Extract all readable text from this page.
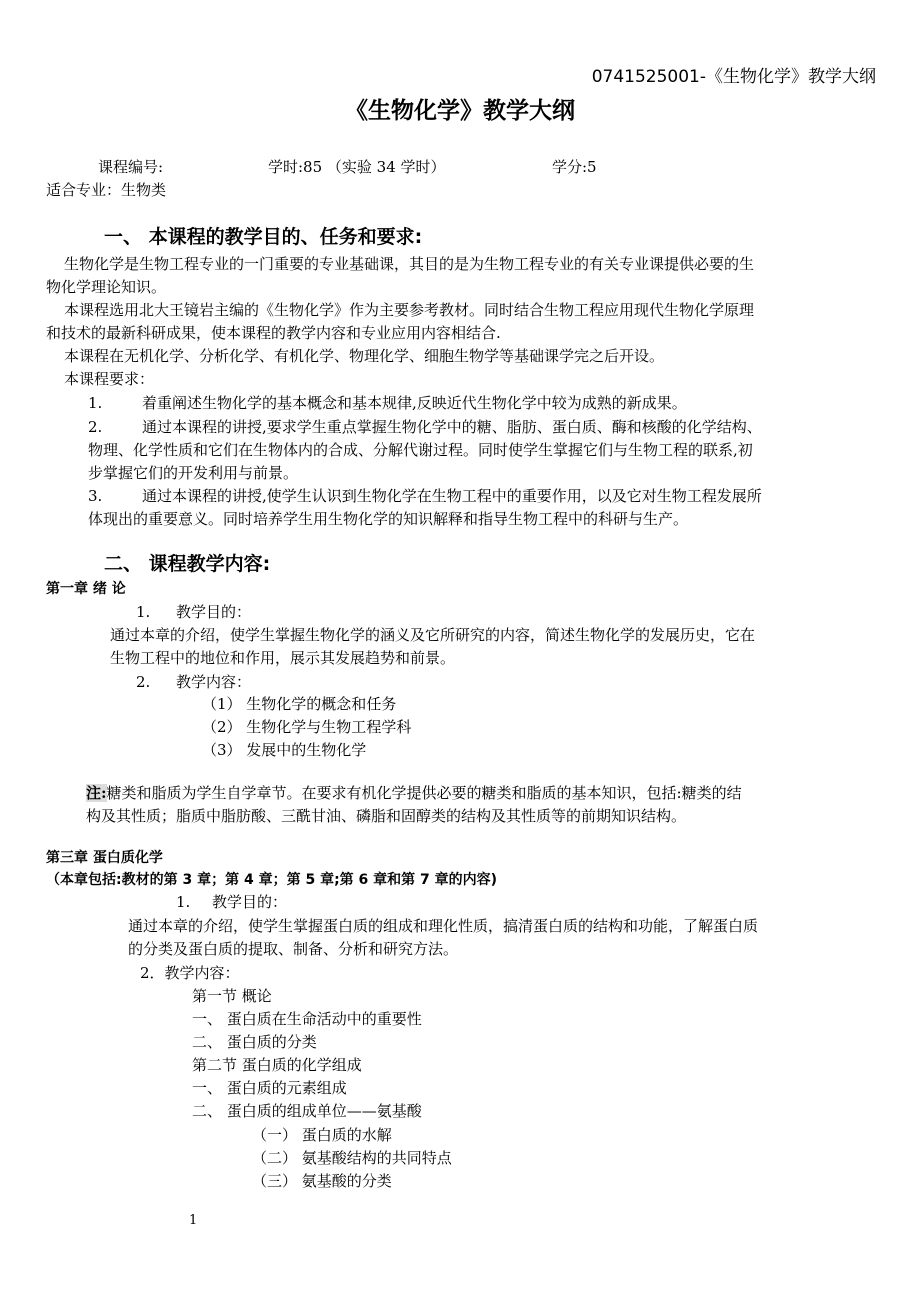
0741525001-《生物化学》教学大纲
《生物化学》教学大纲
课程编号:	学时:85 （实验 34 学时）	学分:5
适合专业：生物类
一、 本课程的教学目的、任务和要求:
生物化学是生物工程专业的一门重要的专业基础课，其目的是为生物工程专业的有关专业课提供必要的生
物化学理论知识。
本课程选用北大王镜岩主编的《生物化学》作为主要参考教材。同时结合生物工程应用现代生物化学原理
和技术的最新科研成果，使本课程的教学内容和专业应用内容相结合.
本课程在无机化学、分析化学、有机化学、物理化学、细胞生物学等基础课学完之后开设。
本课程要求：
1.	着重阐述生物化学的基本概念和基本规律,反映近代生物化学中较为成熟的新成果。
2.	通过本课程的讲授,要求学生重点掌握生物化学中的糖、脂肪、蛋白质、酶和核酸的化学结构、
物理、化学性质和它们在生物体内的合成、分解代谢过程。同时使学生掌握它们与生物工程的联系,初
步掌握它们的开发利用与前景。
3.	通过本课程的讲授,使学生认识到生物化学在生物工程中的重要作用，以及它对生物工程发展所
体现出的重要意义。同时培养学生用生物化学的知识解释和指导生物工程中的科研与生产。
二、 课程教学内容:
第一章 绪 论
1. 教学目的：
通过本章的介绍，使学生掌握生物化学的涵义及它所研究的内容，简述生物化学的发展历史，它在
生物工程中的地位和作用，展示其发展趋势和前景。
2. 教学内容：
（1） 生物化学的概念和任务
（2） 生物化学与生物工程学科
（3） 发展中的生物化学
注:糖类和脂质为学生自学章节。在要求有机化学提供必要的糖类和脂质的基本知识，包括:糖类的结
构及其性质；脂质中脂肪酸、三酰甘油、磷脂和固醇类的结构及其性质等的前期知识结构。
第三章 蛋白质化学
（本章包括:教材的第 3 章；第 4 章；第 5 章;第 6 章和第 7 章的内容)
1. 教学目的：
通过本章的介绍，使学生掌握蛋白质的组成和理化性质，搞清蛋白质的结构和功能，了解蛋白质
的分类及蛋白质的提取、制备、分析和研究方法。
2．教学内容：
第一节 概论
一、 蛋白质在生命活动中的重要性
二、 蛋白质的分类
第二节 蛋白质的化学组成
一、 蛋白质的元素组成
二、 蛋白质的组成单位——氨基酸
（一） 蛋白质的水解
（二） 氨基酸结构的共同特点
（三） 氨基酸的分类
1
